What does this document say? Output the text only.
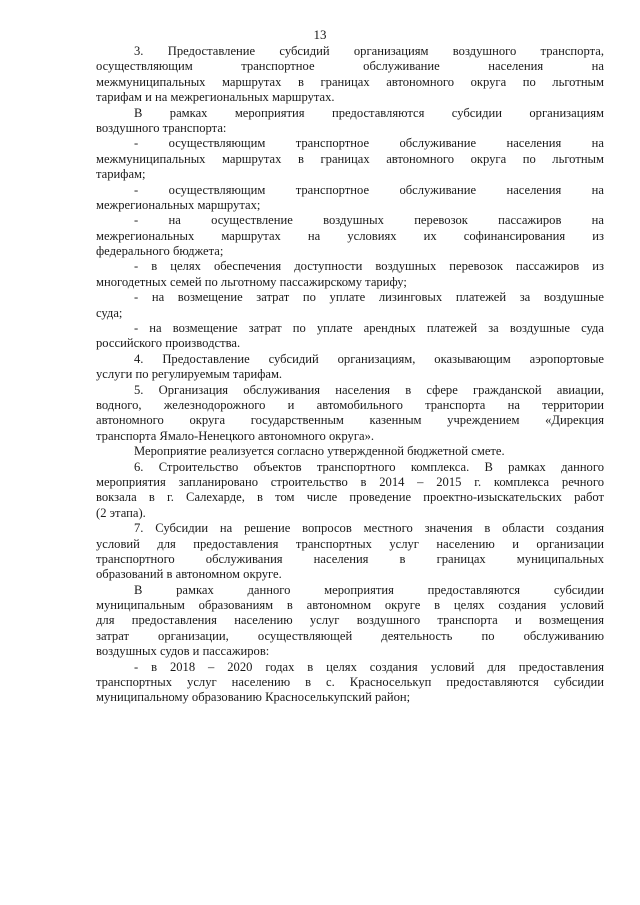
13
3. Предоставление субсидий организациям воздушного транспорта,
осуществляющим транспортное обслуживание населения на
межмуниципальных маршрутах в границах автономного округа по льготным
тарифам и на межрегиональных маршрутах.
В рамках мероприятия предоставляются субсидии организациям
воздушного транспорта:
- осуществляющим транспортное обслуживание населения на
межмуниципальных маршрутах в границах автономного округа по льготным
тарифам;
- осуществляющим транспортное обслуживание населения на
межрегиональных маршрутах;
- на осуществление воздушных перевозок пассажиров на
межрегиональных маршрутах на условиях их софинансирования из
федерального бюджета;
- в целях обеспечения доступности воздушных перевозок пассажиров из
многодетных семей по льготному пассажирскому тарифу;
- на возмещение затрат по уплате лизинговых платежей за воздушные
суда;
- на возмещение затрат по уплате арендных платежей за воздушные суда
российского производства.
4. Предоставление субсидий организациям, оказывающим аэропортовые
услуги по регулируемым тарифам.
5. Организация обслуживания населения в сфере гражданской авиации,
водного, железнодорожного и автомобильного транспорта на территории
автономного округа государственным казенным учреждением «Дирекция
транспорта Ямало-Ненецкого автономного округа».
Мероприятие реализуется согласно утвержденной бюджетной смете.
6. Строительство объектов транспортного комплекса. В рамках данного
мероприятия запланировано строительство в 2014 – 2015 г. комплекса речного
вокзала в г. Салехарде, в том числе проведение проектно-изыскательских работ
(2 этапа).
7. Субсидии на решение вопросов местного значения в области создания
условий для предоставления транспортных услуг населению и организации
транспортного обслуживания населения в границах муниципальных
образований в автономном округе.
В рамках данного мероприятия предоставляются субсидии
муниципальным образованиям в автономном округе в целях создания условий
для предоставления населению услуг воздушного транспорта и возмещения
затрат организации, осуществляющей деятельность по обслуживанию
воздушных судов и пассажиров:
- в 2018 – 2020 годах в целях создания условий для предоставления
транспортных услуг населению в с. Красноселькуп предоставляются субсидии
муниципальному образованию Красноселькупский район;
